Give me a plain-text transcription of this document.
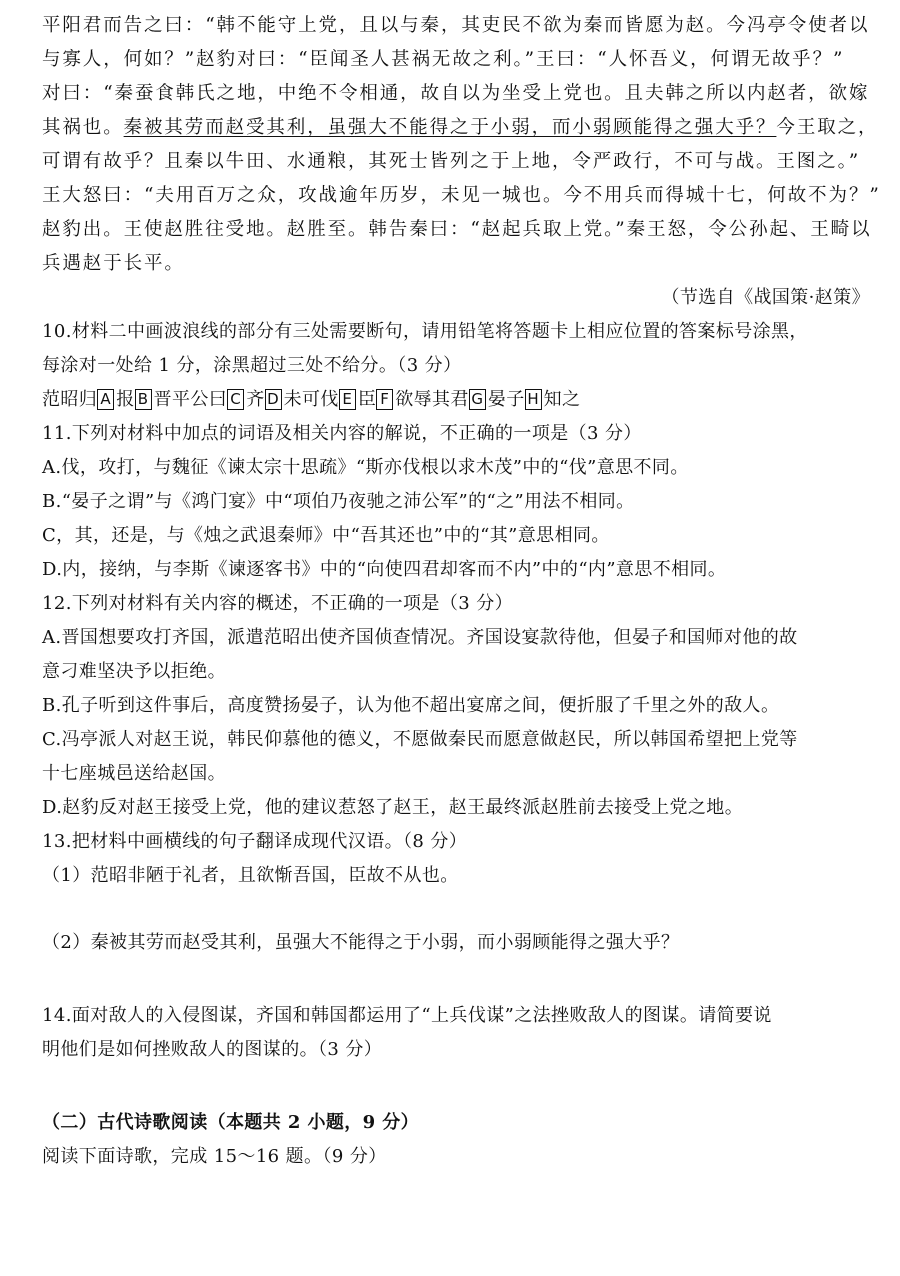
平阳君而告之曰：“韩不能守上党，且以与秦，其吏民不欲为秦而皆愿为赵。今冯亭令使者以
与寡人，何如？”赵豹对曰：“臣闻圣人甚祸无故之利。”王曰：“人怀吾义，何谓无故乎？”
对曰：“秦蚕食韩氏之地，中绝不令相通，故自以为坐受上党也。且夫韩之所以内赵者，欲嫁
其祸也。秦被其劳而赵受其利，虽强大不能得之于小弱，而小弱顾能得之强大乎？今王取之，
可谓有故乎？且秦以牛田、水通粮，其死士皆列之于上地，令严政行，不可与战。王图之。”
王大怒曰：“夫用百万之众，攻战逾年历岁，未见一城也。今不用兵而得城十七，何故不为？”
赵豹出。王使赵胜往受地。赵胜至。韩告秦曰：“赵起兵取上党。”秦王怒，令公孙起、王畸以
兵遇赵于长平。
（节选自《战国策·赵策》
10.材料二中画波浪线的部分有三处需要断句，请用铅笔将答题卡上相应位置的答案标号涂黑，
每涂对一处给 1 分，涂黑超过三处不给分。（3 分）
范昭归 A 报 B 晋平公曰 C 齐 D 未可伐 E 臣 F 欲辱其君 G 晏子 H 知之
11.下列对材料中加点的词语及相关内容的解说，不正确的一项是（3 分）
A.伐，攻打，与魏征《谏太宗十思疏》“斯亦伐根以求木茂”中的“伐”意思不同。
B.“晏子之谓”与《鸿门宴》中“项伯乃夜驰之沛公军”的“之”用法不相同。
C，其，还是，与《烛之武退秦师》中“吾其还也”中的“其”意思相同。
D.内，接纳，与李斯《谏逐客书》中的“向使四君却客而不内”中的“内”意思不相同。
12.下列对材料有关内容的概述，不正确的一项是（3 分）
A.晋国想要攻打齐国，派遣范昭出使齐国侦查情况。齐国设宴款待他，但晏子和国师对他的故
意刁难坚决予以拒绝。
B.孔子听到这件事后，高度赞扬晏子，认为他不超出宴席之间，便折服了千里之外的敌人。
C.冯亭派人对赵王说，韩民仰慕他的德义，不愿做秦民而愿意做赵民，所以韩国希望把上党等
十七座城邑送给赵国。
D.赵豹反对赵王接受上党，他的建议惹怒了赵王，赵王最终派赵胜前去接受上党之地。
13.把材料中画横线的句子翻译成现代汉语。（8 分）
（1）范昭非陋于礼者，且欲惭吾国，臣故不从也。
（2）秦被其劳而赵受其利，虽强大不能得之于小弱，而小弱顾能得之强大乎？
14.面对敌人的入侵图谋，齐国和韩国都运用了“上兵伐谋”之法挫败敌人的图谋。请简要说
明他们是如何挫败敌人的图谋的。（3 分）
（二）古代诗歌阅读（本题共 2 小题，9 分）
阅读下面诗歌，完成 15～16 题。（9 分）
